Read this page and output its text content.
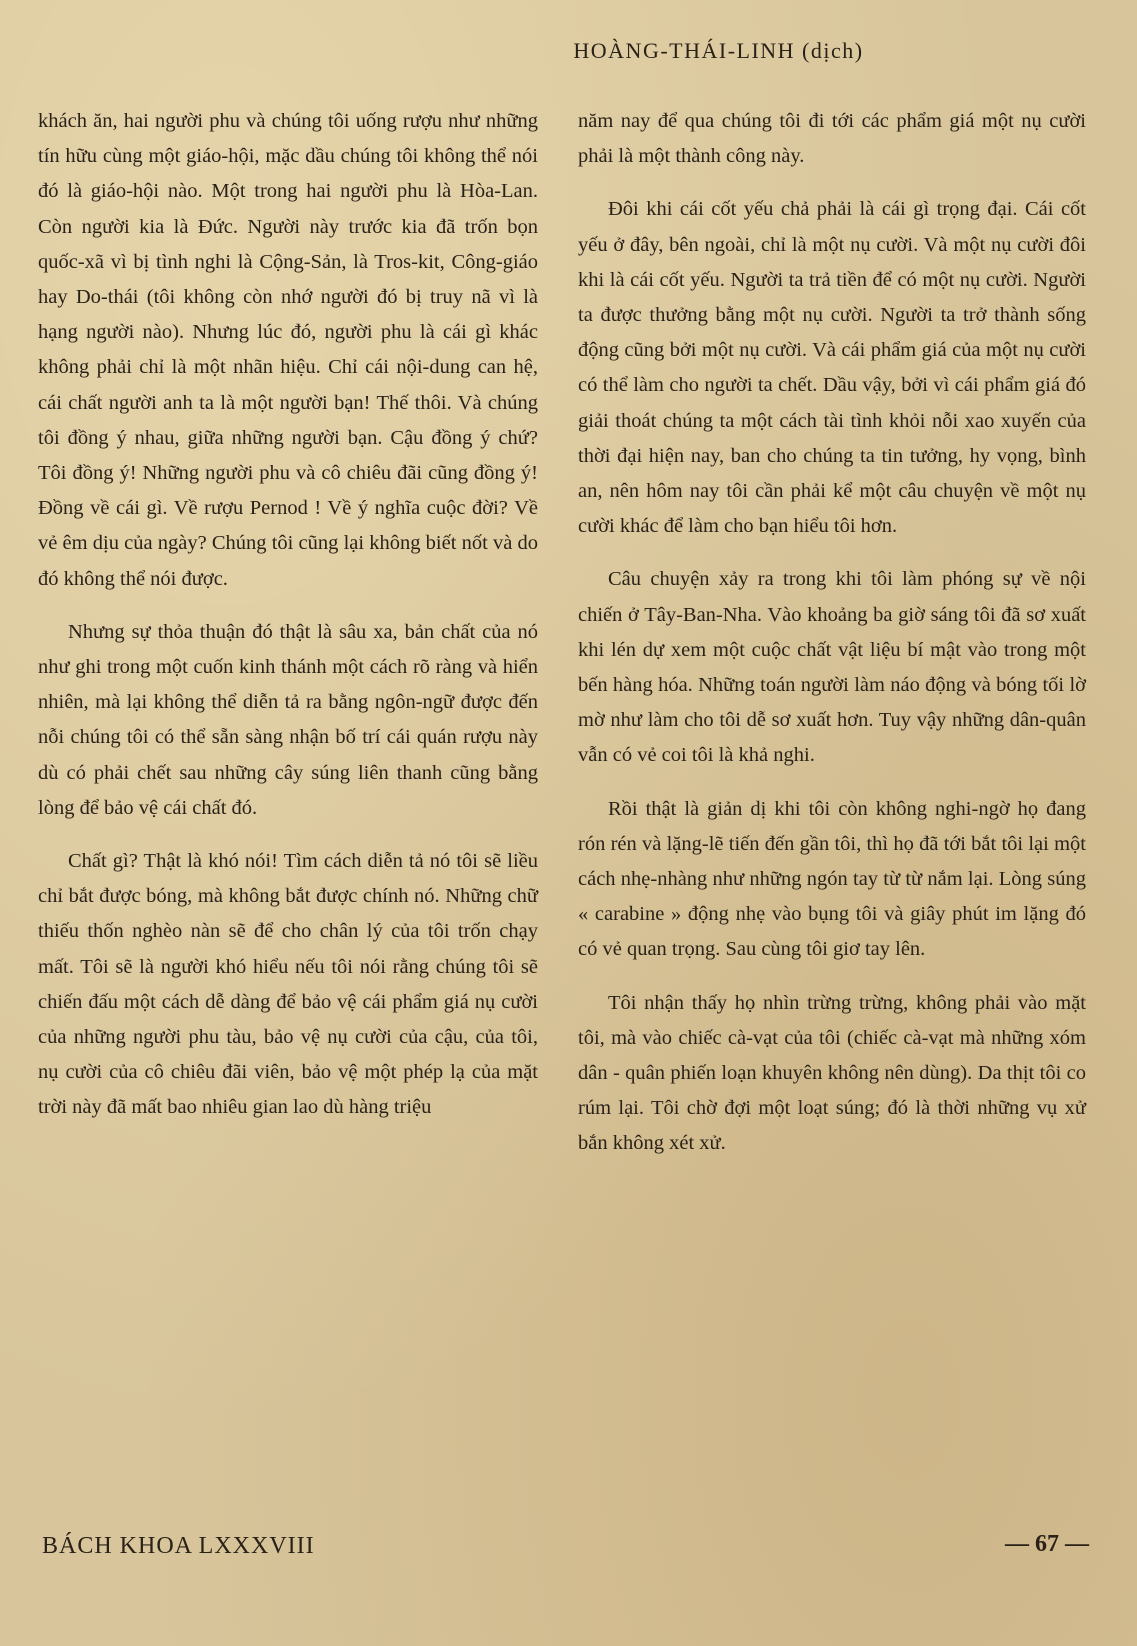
HOÀNG-THÁI-LINH (dịch)

khách ăn, hai người phu và chúng tôi uống rượu như những tín hữu cùng một giáo-hội, mặc dầu chúng tôi không thể nói đó là giáo-hội nào. Một trong hai người phu là Hòa-Lan. Còn người kia là Đức. Người này trước kia đã trốn bọn quốc-xã vì bị tình nghi là Cộng-Sản, là Tros-kit, Công-giáo hay Do-thái (tôi không còn nhớ người đó bị truy nã vì là hạng người nào). Nhưng lúc đó, người phu là cái gì khác không phải chỉ là một nhãn hiệu. Chỉ cái nội-dung can hệ, cái chất người anh ta là một người bạn! Thế thôi. Và chúng tôi đồng ý nhau, giữa những người bạn. Cậu đồng ý chứ? Tôi đồng ý! Những người phu và cô chiêu đãi cũng đồng ý! Đồng về cái gì. Về rượu Pernod ! Về ý nghĩa cuộc đời? Về vẻ êm dịu của ngày? Chúng tôi cũng lại không biết nốt và do đó không thể nói được.

Nhưng sự thỏa thuận đó thật là sâu xa, bản chất của nó như ghi trong một cuốn kinh thánh một cách rõ ràng và hiển nhiên, mà lại không thể diễn tả ra bằng ngôn-ngữ được đến nỗi chúng tôi có thể sẵn sàng nhận bố trí cái quán rượu này dù có phải chết sau những cây súng liên thanh cũng bằng lòng để bảo vệ cái chất đó.

Chất gì? Thật là khó nói! Tìm cách diễn tả nó tôi sẽ liều chỉ bắt được bóng, mà không bắt được chính nó. Những chữ thiếu thốn nghèo nàn sẽ để cho chân lý của tôi trốn chạy mất. Tôi sẽ là người khó hiểu nếu tôi nói rằng chúng tôi sẽ chiến đấu một cách dễ dàng để bảo vệ cái phẩm giá nụ cười của những người phu tàu, bảo vệ nụ cười của cậu, của tôi, nụ cười của cô chiêu đãi viên, bảo vệ một phép lạ của mặt trời này đã mất bao nhiêu gian lao dù hàng triệu

năm nay để qua chúng tôi đi tới các phẩm giá một nụ cười phải là một thành công này.

Đôi khi cái cốt yếu chả phải là cái gì trọng đại. Cái cốt yếu ở đây, bên ngoài, chỉ là một nụ cười. Và một nụ cười đôi khi là cái cốt yếu. Người ta trả tiền để có một nụ cười. Người ta được thưởng bằng một nụ cười. Người ta trở thành sống động cũng bởi một nụ cười. Và cái phẩm giá của một nụ cười có thể làm cho người ta chết. Dầu vậy, bởi vì cái phẩm giá đó giải thoát chúng ta một cách tài tình khỏi nỗi xao xuyến của thời đại hiện nay, ban cho chúng ta tin tưởng, hy vọng, bình an, nên hôm nay tôi cần phải kể một câu chuyện về một nụ cười khác để làm cho bạn hiểu tôi hơn.

Câu chuyện xảy ra trong khi tôi làm phóng sự về nội chiến ở Tây-Ban-Nha. Vào khoảng ba giờ sáng tôi đã sơ xuất khi lén dự xem một cuộc chất vật liệu bí mật vào trong một bến hàng hóa. Những toán người làm náo động và bóng tối lờ mờ như làm cho tôi dễ sơ xuất hơn. Tuy vậy những dân-quân vẫn có vẻ coi tôi là khả nghi.

Rồi thật là giản dị khi tôi còn không nghi-ngờ họ đang rón rén và lặng-lẽ tiến đến gần tôi, thì họ đã tới bắt tôi lại một cách nhẹ-nhàng như những ngón tay từ từ nắm lại. Lòng súng « carabine » động nhẹ vào bụng tôi và giây phút im lặng đó có vẻ quan trọng. Sau cùng tôi giơ tay lên.

Tôi nhận thấy họ nhìn trừng trừng, không phải vào mặt tôi, mà vào chiếc cà-vạt của tôi (chiếc cà-vạt mà những xóm dân - quân phiến loạn khuyên không nên dùng). Da thịt tôi co rúm lại. Tôi chờ đợi một loạt súng; đó là thời những vụ xử bắn không xét xử.

BÁCH KHOA LXXXVIII	— 67 —
